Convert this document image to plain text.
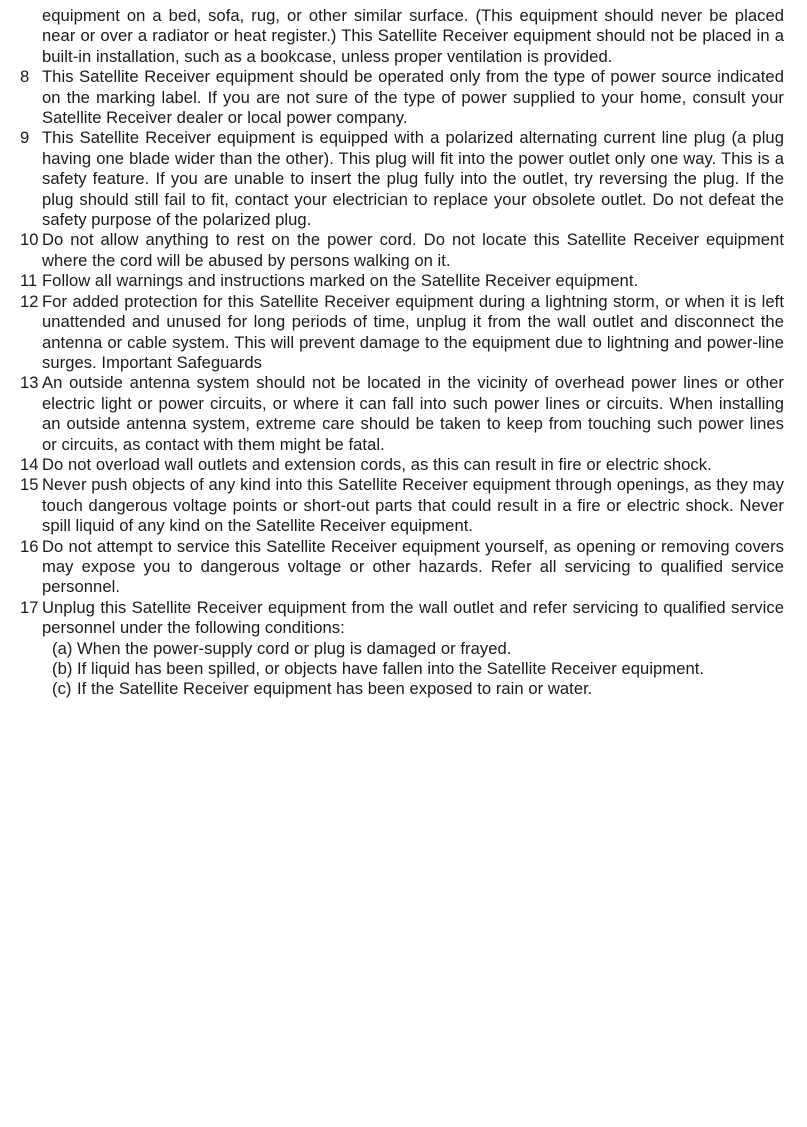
equipment on a bed, sofa, rug, or other similar surface. (This equipment should never be placed near or over a radiator or heat register.) This Satellite Receiver equipment should not be placed in a built-in installation, such as a bookcase, unless proper ventilation is provided.
8 This Satellite Receiver equipment should be operated only from the type of power source indicated on the marking label. If you are not sure of the type of power supplied to your home, consult your Satellite Receiver dealer or local power company.
9 This Satellite Receiver equipment is equipped with a polarized alternating current line plug (a plug having one blade wider than the other). This plug will fit into the power outlet only one way. This is a safety feature. If you are unable to insert the plug fully into the outlet, try reversing the plug. If the plug should still fail to fit, contact your electrician to replace your obsolete outlet. Do not defeat the safety purpose of the polarized plug.
10 Do not allow anything to rest on the power cord. Do not locate this Satellite Receiver equipment where the cord will be abused by persons walking on it.
11 Follow all warnings and instructions marked on the Satellite Receiver equipment.
12 For added protection for this Satellite Receiver equipment during a lightning storm, or when it is left unattended and unused for long periods of time, unplug it from the wall outlet and disconnect the antenna or cable system. This will prevent damage to the equipment due to lightning and power-line surges. Important Safeguards
13 An outside antenna system should not be located in the vicinity of overhead power lines or other electric light or power circuits, or where it can fall into such power lines or circuits. When installing an outside antenna system, extreme care should be taken to keep from touching such power lines or circuits, as contact with them might be fatal.
14 Do not overload wall outlets and extension cords, as this can result in fire or electric shock.
15 Never push objects of any kind into this Satellite Receiver equipment through openings, as they may touch dangerous voltage points or short-out parts that could result in a fire or electric shock. Never spill liquid of any kind on the Satellite Receiver equipment.
16 Do not attempt to service this Satellite Receiver equipment yourself, as opening or removing covers may expose you to dangerous voltage or other hazards. Refer all servicing to qualified service personnel.
17 Unplug this Satellite Receiver equipment from the wall outlet and refer servicing to qualified service personnel under the following conditions:
(a) When the power-supply cord or plug is damaged or frayed.
(b) If liquid has been spilled, or objects have fallen into the Satellite Receiver equipment.
(c) If the Satellite Receiver equipment has been exposed to rain or water.
